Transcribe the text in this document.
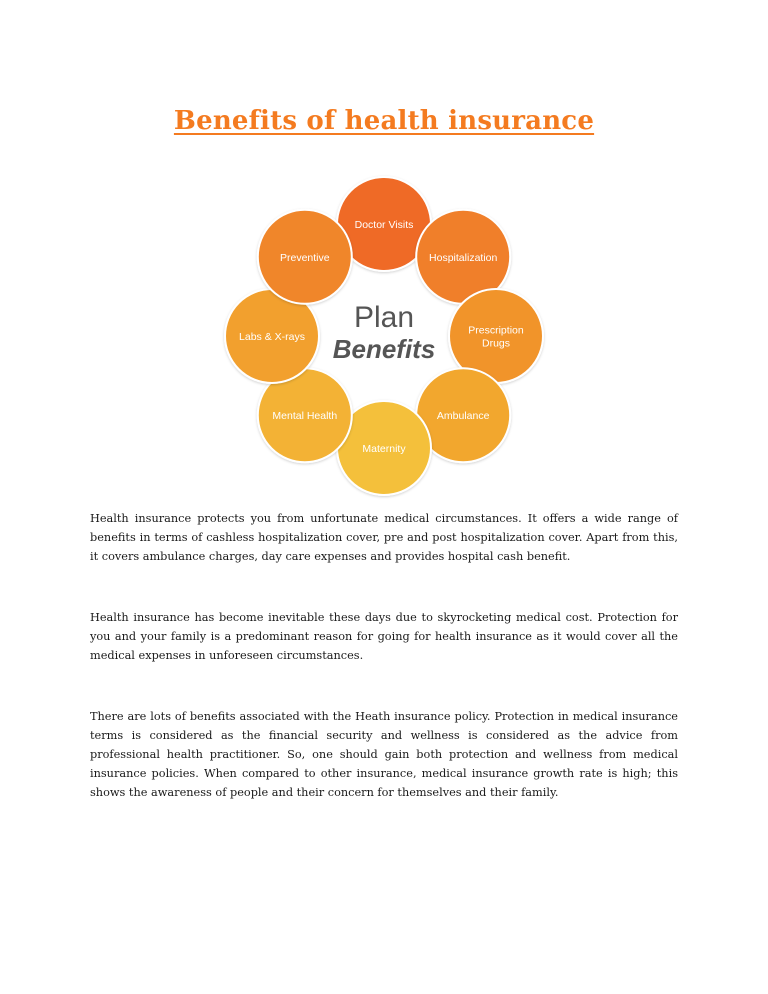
Benefits of health insurance
Doctor Visits
Hospitalization
Prescription
Drugs
Ambulance
Maternity
Mental Health
Labs & X-rays
Preventive
Plan
Benefits

Health insurance protects you from unfortunate medical circumstances. It offers a wide range of benefits in terms of cashless hospitalization cover, pre and post hospitalization cover. Apart from this, it covers ambulance charges, day care expenses and provides hospital cash benefit.

Health insurance has become inevitable these days due to skyrocketing medical cost. Protection for you and your family is a predominant reason for going for health insurance as it would cover all the medical expenses in unforeseen circumstances.

There are lots of benefits associated with the Heath insurance policy. Protection in medical insurance terms is considered as the financial security and wellness is considered as the advice from professional health practitioner. So, one should gain both protection and wellness from medical insurance policies. When compared to other insurance, medical insurance growth rate is high; this shows the awareness of people and their concern for themselves and their family.
